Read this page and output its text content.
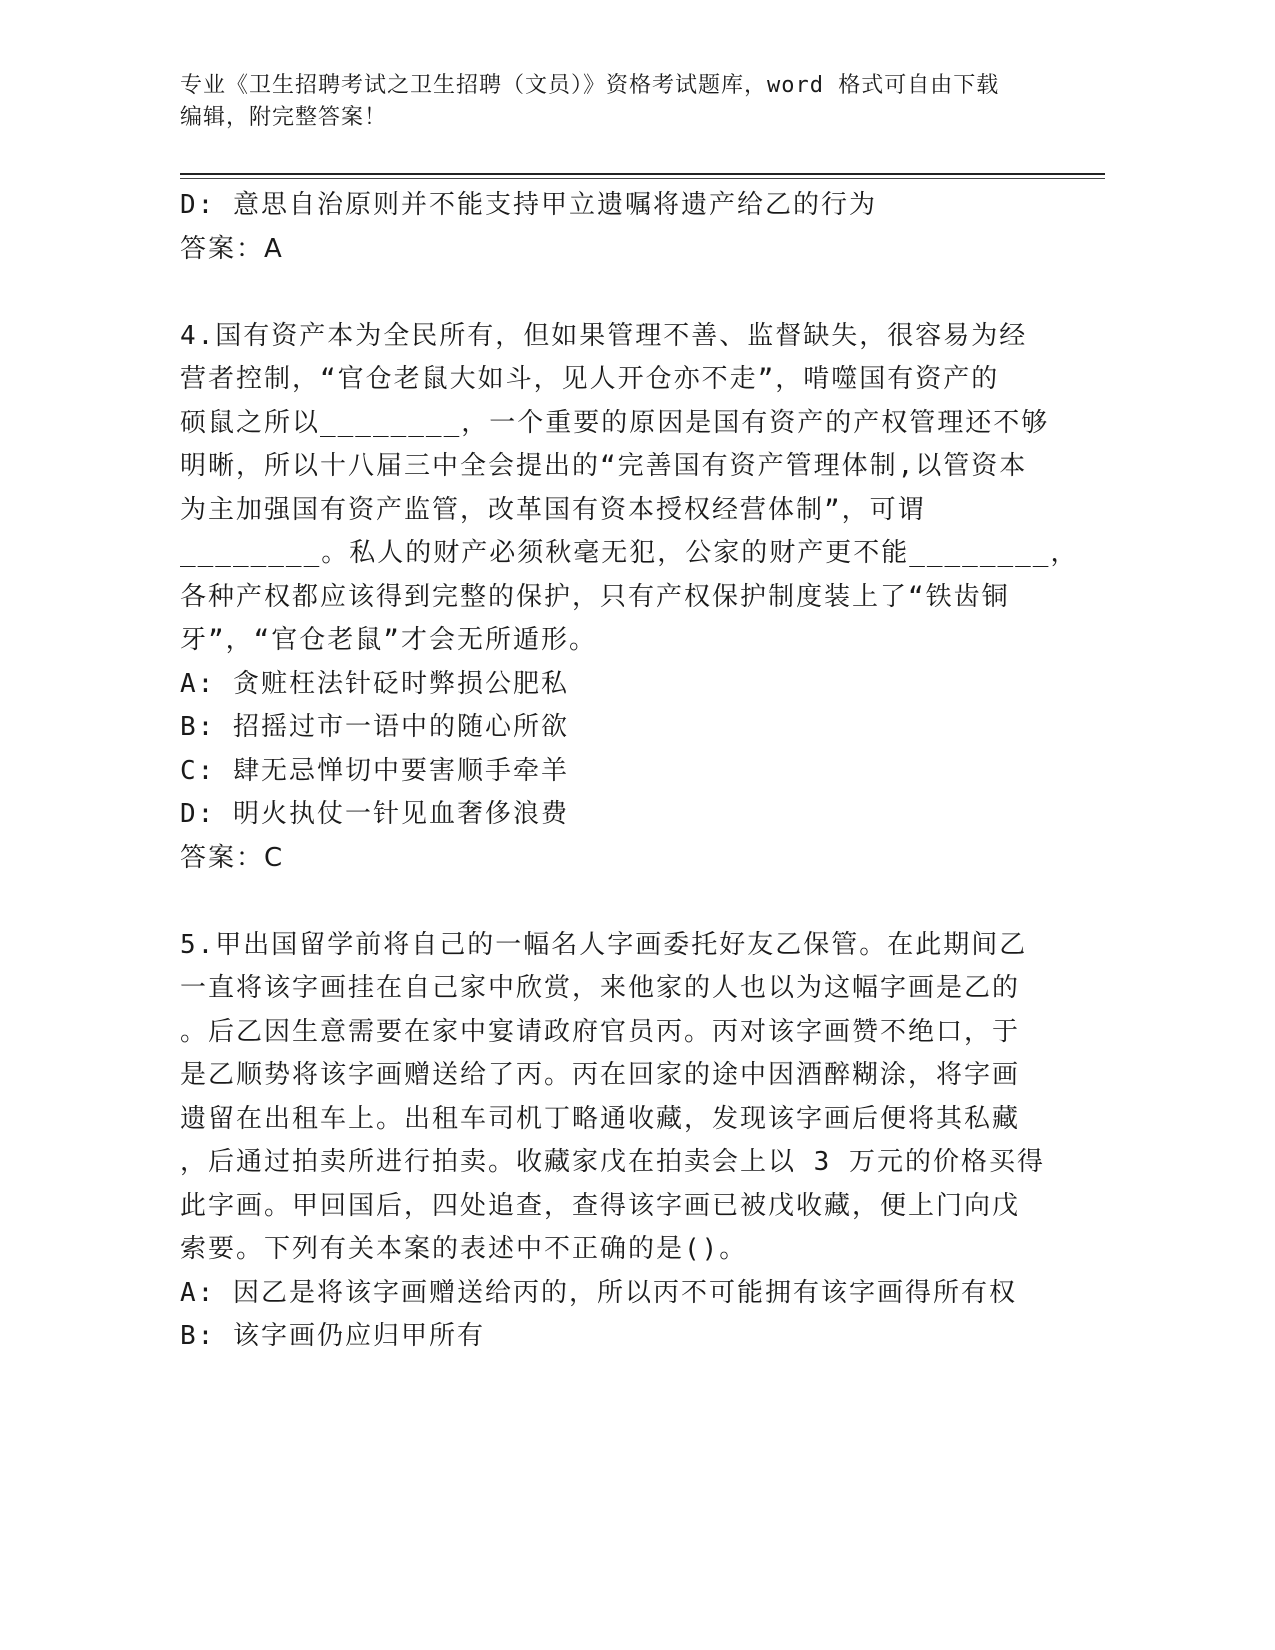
专业《卫生招聘考试之卫生招聘（文员）》资格考试题库，word 格式可自由下载
编辑，附完整答案！
D: 意思自治原则并不能支持甲立遗嘱将遗产给乙的行为
答案：A
4.国有资产本为全民所有，但如果管理不善、监督缺失，很容易为经
营者控制，“官仓老鼠大如斗，见人开仓亦不走”，啃噬国有资产的
硕鼠之所以________，一个重要的原因是国有资产的产权管理还不够
明晰，所以十八届三中全会提出的“完善国有资产管理体制,以管资本
为主加强国有资产监管，改革国有资本授权经营体制”，可谓
________。私人的财产必须秋毫无犯，公家的财产更不能________，
各种产权都应该得到完整的保护，只有产权保护制度装上了“铁齿铜
牙”，“官仓老鼠”才会无所遁形。
A: 贪赃枉法针砭时弊损公肥私
B: 招摇过市一语中的随心所欲
C: 肆无忌惮切中要害顺手牵羊
D: 明火执仗一针见血奢侈浪费
答案：C
5.甲出国留学前将自己的一幅名人字画委托好友乙保管。在此期间乙
一直将该字画挂在自己家中欣赏，来他家的人也以为这幅字画是乙的
。后乙因生意需要在家中宴请政府官员丙。丙对该字画赞不绝口，于
是乙顺势将该字画赠送给了丙。丙在回家的途中因酒醉糊涂，将字画
遗留在出租车上。出租车司机丁略通收藏，发现该字画后便将其私藏
，后通过拍卖所进行拍卖。收藏家戊在拍卖会上以 3 万元的价格买得
此字画。甲回国后，四处追查，查得该字画已被戊收藏，便上门向戊
索要。下列有关本案的表述中不正确的是()。
A: 因乙是将该字画赠送给丙的，所以丙不可能拥有该字画得所有权
B: 该字画仍应归甲所有
